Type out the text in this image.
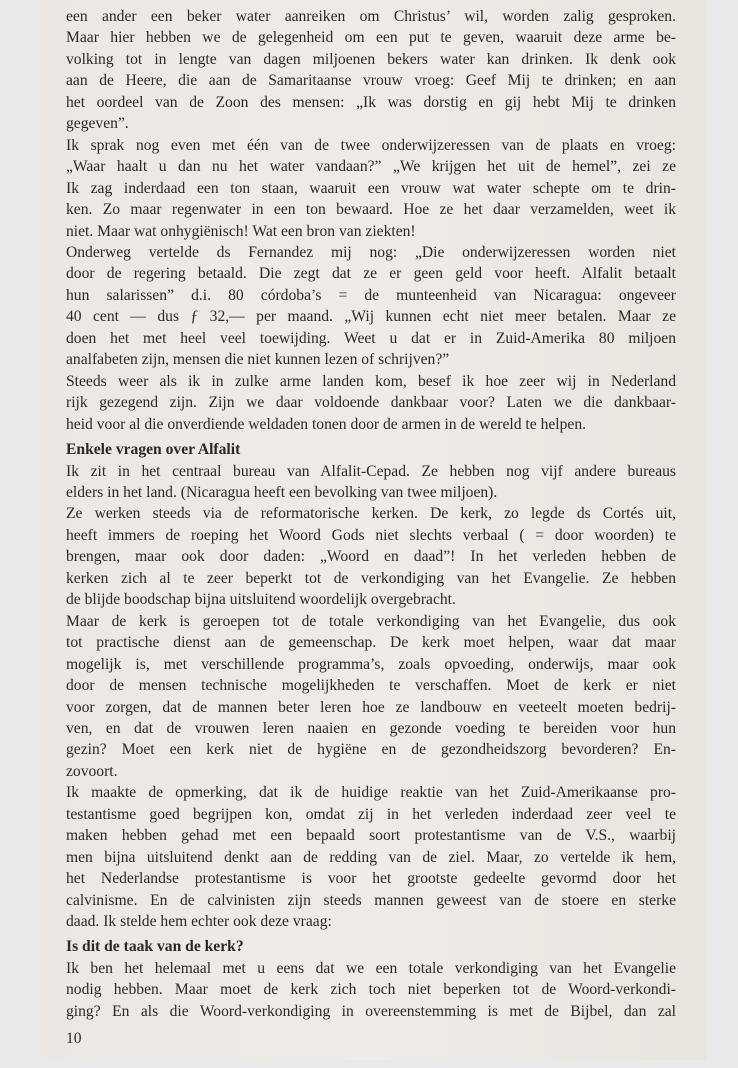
een ander een beker water aanreiken om Christus’ wil, worden zalig gesproken.
Maar hier hebben we de gelegenheid om een put te geven, waaruit deze arme be-
volking tot in lengte van dagen miljoenen bekers water kan drinken. Ik denk ook
aan de Heere, die aan de Samaritaanse vrouw vroeg: Geef Mij te drinken; en aan
het oordeel van de Zoon des mensen: „Ik was dorstig en gij hebt Mij te drinken
gegeven”.
Ik sprak nog even met één van de twee onderwijzeressen van de plaats en vroeg:
„Waar haalt u dan nu het water vandaan?” „We krijgen het uit de hemel”, zei ze
Ik zag inderdaad een ton staan, waaruit een vrouw wat water schepte om te drin-
ken. Zo maar regenwater in een ton bewaard. Hoe ze het daar verzamelden, weet ik
niet. Maar wat onhygiënisch! Wat een bron van ziekten!
Onderweg vertelde ds Fernandez mij nog: „Die onderwijzeressen worden niet
door de regering betaald. Die zegt dat ze er geen geld voor heeft. Alfalit betaalt
hun salarissen” d.i. 80 córdoba’s = de munteenheid van Nicaragua: ongeveer
40 cent — dus ƒ 32,— per maand. „Wij kunnen echt niet meer betalen. Maar ze
doen het met heel veel toewijding. Weet u dat er in Zuid-Amerika 80 miljoen
analfabeten zijn, mensen die niet kunnen lezen of schrijven?”
Steeds weer als ik in zulke arme landen kom, besef ik hoe zeer wij in Nederland
rijk gezegend zijn. Zijn we daar voldoende dankbaar voor? Laten we die dankbaar-
heid voor al die onverdiende weldaden tonen door de armen in de wereld te helpen.
Enkele vragen over Alfalit
Ik zit in het centraal bureau van Alfalit-Cepad. Ze hebben nog vijf andere bureaus
elders in het land. (Nicaragua heeft een bevolking van twee miljoen).
Ze werken steeds via de reformatorische kerken. De kerk, zo legde ds Cortés uit,
heeft immers de roeping het Woord Gods niet slechts verbaal ( = door woorden) te
brengen, maar ook door daden: „Woord en daad”! In het verleden hebben de
kerken zich al te zeer beperkt tot de verkondiging van het Evangelie. Ze hebben
de blijde boodschap bijna uitsluitend woordelijk overgebracht.
Maar de kerk is geroepen tot de totale verkondiging van het Evangelie, dus ook
tot practische dienst aan de gemeenschap. De kerk moet helpen, waar dat maar
mogelijk is, met verschillende programma’s, zoals opvoeding, onderwijs, maar ook
door de mensen technische mogelijkheden te verschaffen. Moet de kerk er niet
voor zorgen, dat de mannen beter leren hoe ze landbouw en veeteelt moeten bedrij-
ven, en dat de vrouwen leren naaien en gezonde voeding te bereiden voor hun
gezin? Moet een kerk niet de hygiëne en de gezondheidszorg bevorderen? En-
zovoort.
Ik maakte de opmerking, dat ik de huidige reaktie van het Zuid-Amerikaanse pro-
testantisme goed begrijpen kon, omdat zij in het verleden inderdaad zeer veel te
maken hebben gehad met een bepaald soort protestantisme van de V.S., waarbij
men bijna uitsluitend denkt aan de redding van de ziel. Maar, zo vertelde ik hem,
het Nederlandse protestantisme is voor het grootste gedeelte gevormd door het
calvinisme. En de calvinisten zijn steeds mannen geweest van de stoere en sterke
daad. Ik stelde hem echter ook deze vraag:
Is dit de taak van de kerk?
Ik ben het helemaal met u eens dat we een totale verkondiging van het Evangelie
nodig hebben. Maar moet de kerk zich toch niet beperken tot de Woord-verkondi-
ging? En als die Woord-verkondiging in overeenstemming is met de Bijbel, dan zal
10
